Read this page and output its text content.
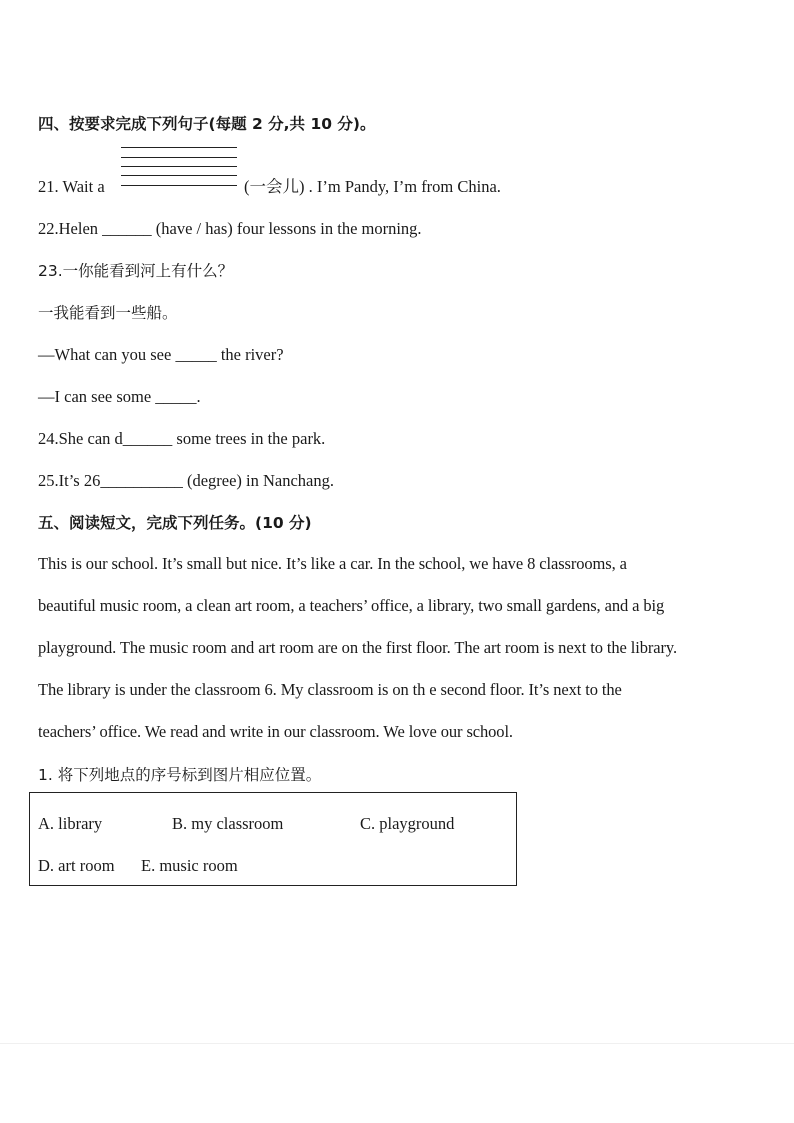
四、按要求完成下列句子(每题 2 分,共 10 分)。
21. Wait a	(一会儿) . I’m Pandy, I’m from China.
22.Helen ______ (have / has) four lessons in the morning.
23.一你能看到河上有什么？
一我能看到一些船。
—What can you see _____ the river?
—I can see some _____.
24.She can d______ some trees in the park.
25.It’s 26__________ (degree) in Nanchang.
五、阅读短文，完成下列任务。(10 分)
This is our school. It’s small but nice. It’s like a car. In the school, we have 8 classrooms, a
beautiful music room, a clean art room, a teachers’ office, a library, two small gardens, and a big
playground. The music room and art room are on the first floor. The art room is next to the library.
The library is under the classroom 6. My classroom is on th e second floor. It’s next to the
teachers’ office. We read and write in our classroom. We love our school.
1. 将下列地点的序号标到图片相应位置。
A. library	B. my classroom	C. playground
D. art room E. music room
